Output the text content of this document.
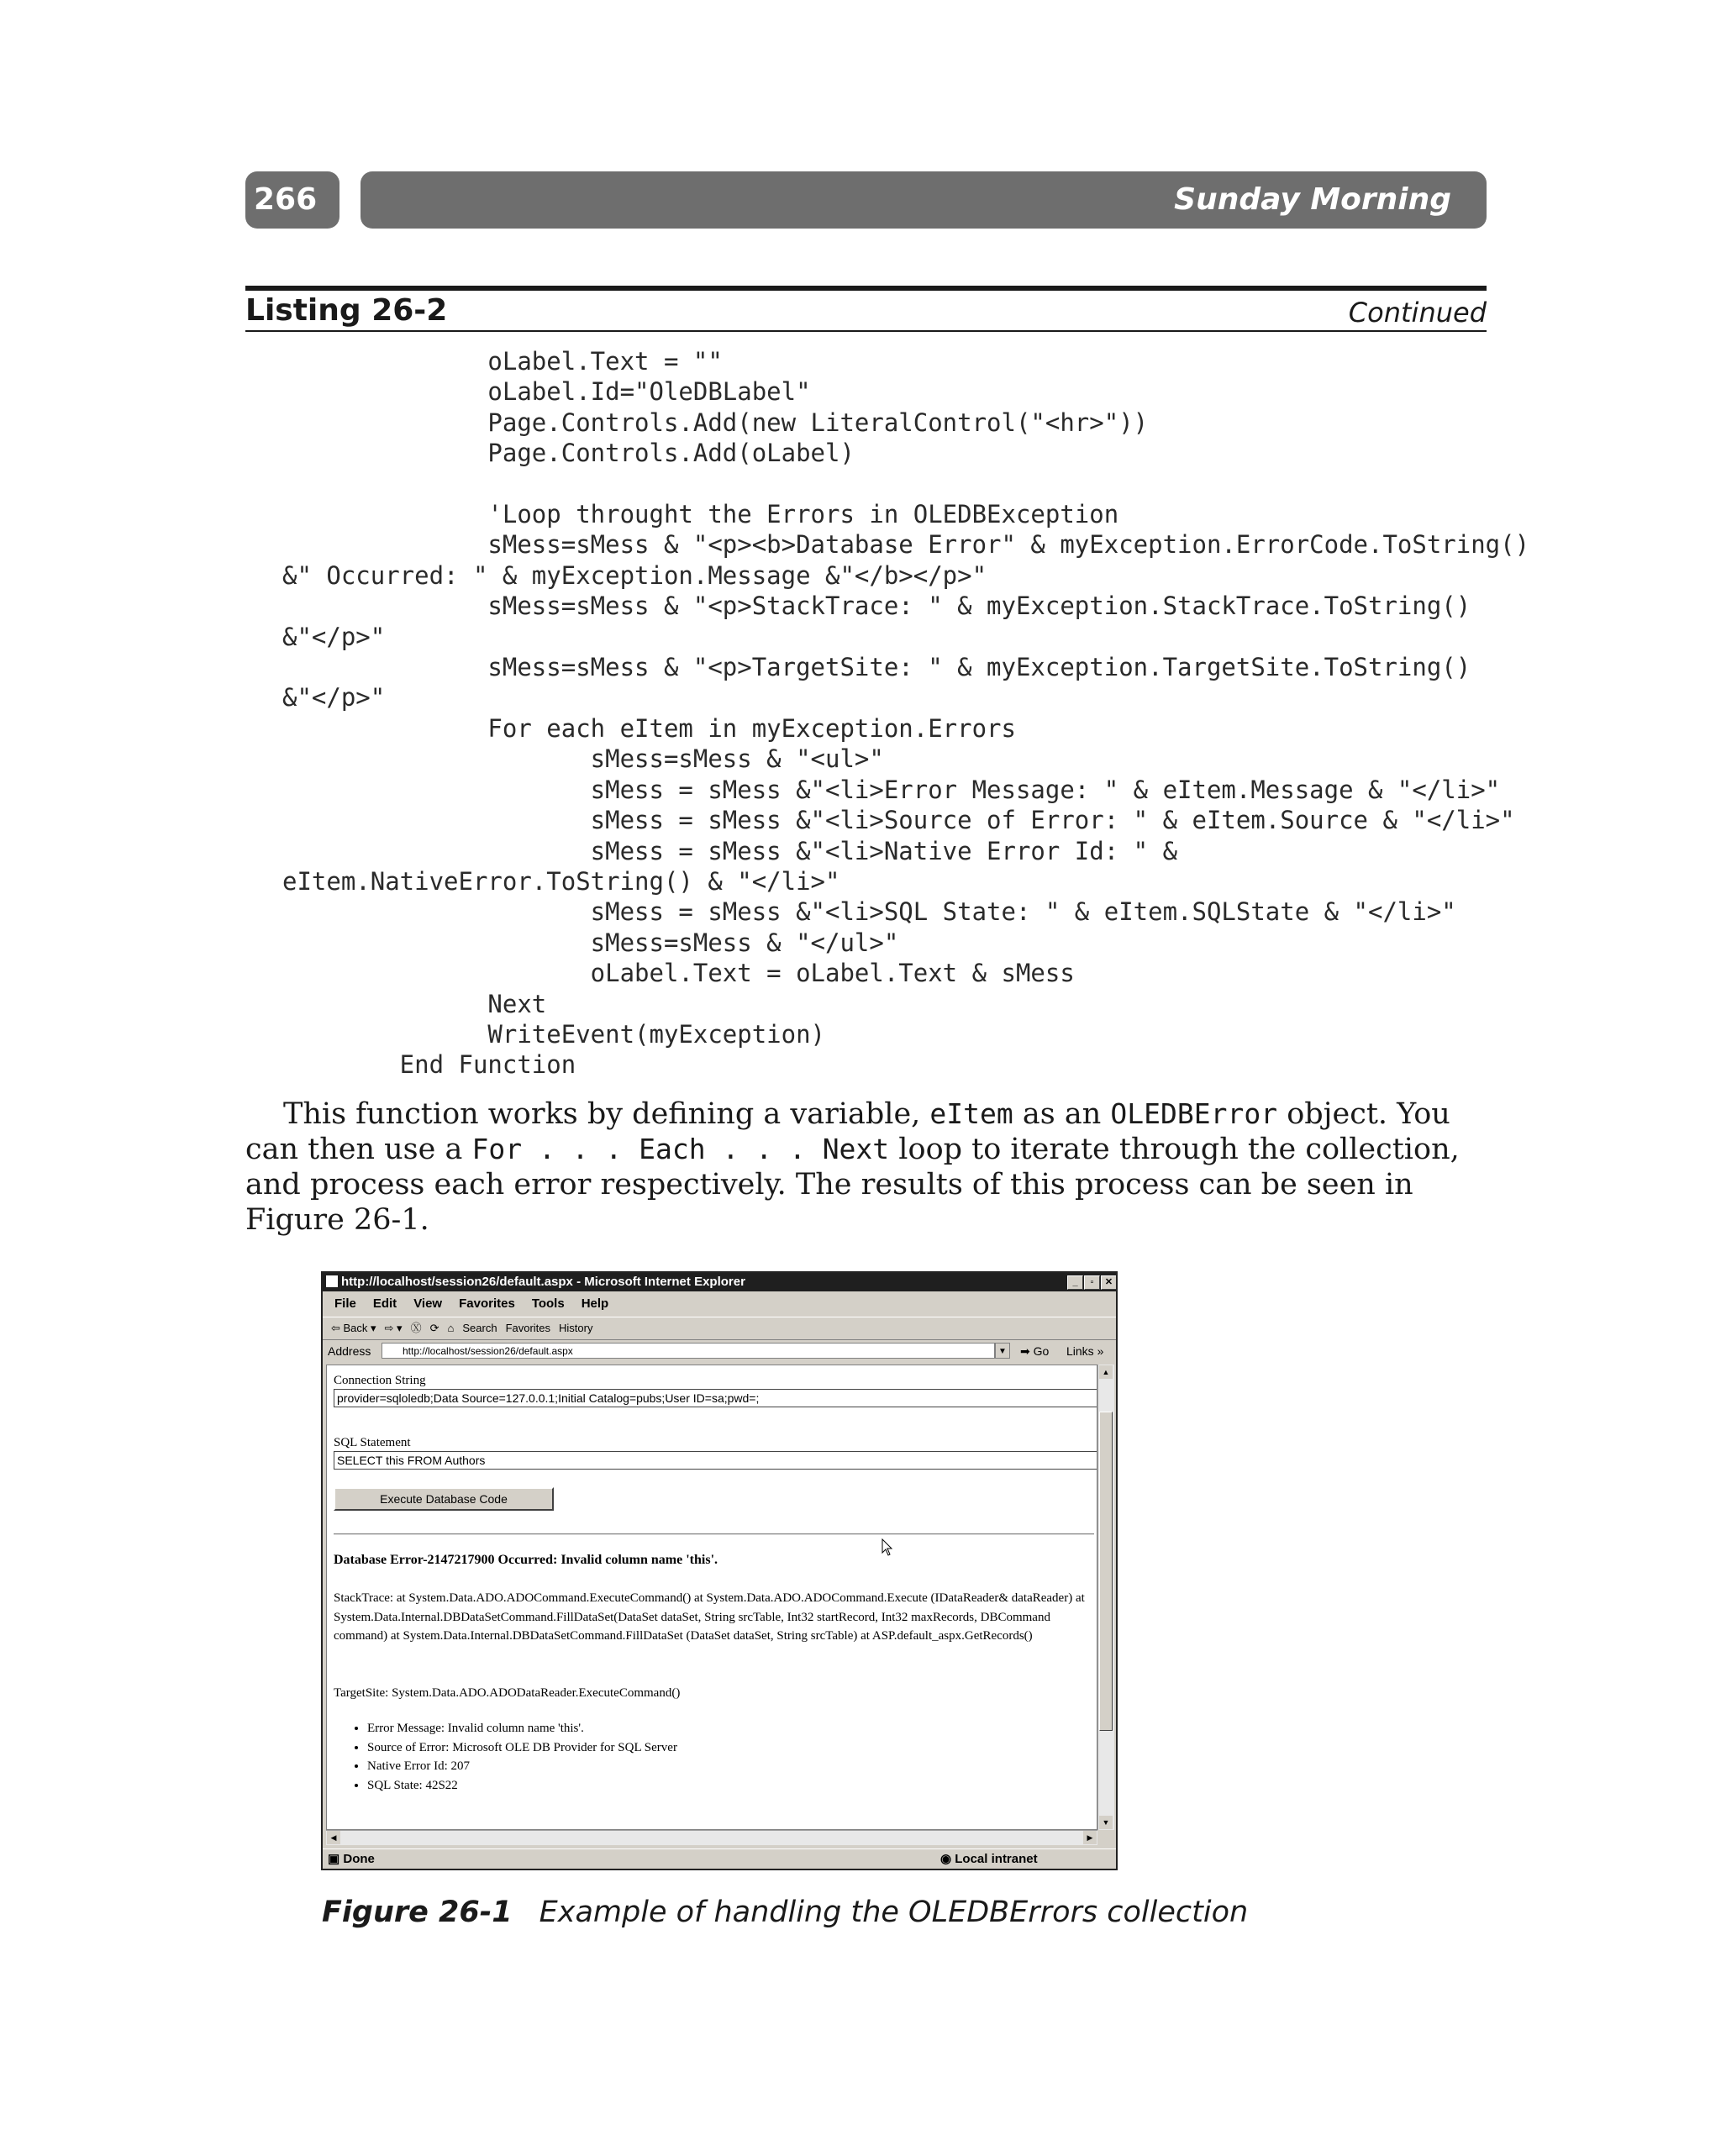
266	Sunday Morning
Listing 26-2	Continued
oLabel.Text = ""
oLabel.Id="OleDBLabel"
Page.Controls.Add(new LiteralControl("<hr>"))
Page.Controls.Add(oLabel)

'Loop throught the Errors in OLEDBException
sMess=sMess & "<p><b>Database Error" & myException.ErrorCode.ToString()
&" Occurred: " & myException.Message &"</b></p>"
sMess=sMess & "<p>StackTrace: " & myException.StackTrace.ToString()
&"</p>"
sMess=sMess & "<p>TargetSite: " & myException.TargetSite.ToString()
&"</p>"
For each eItem in myException.Errors
sMess=sMess & "<ul>"
sMess = sMess &"<li>Error Message: " & eItem.Message & "</li>"
sMess = sMess &"<li>Source of Error: " & eItem.Source & "</li>"
sMess = sMess &"<li>Native Error Id: " &
eItem.NativeError.ToString() & "</li>"
sMess = sMess &"<li>SQL State: " & eItem.SQLState & "</li>"
sMess=sMess & "</ul>"
oLabel.Text = oLabel.Text & sMess
Next
WriteEvent(myException)
End Function
This function works by defining a variable, eItem as an OLEDBError object. You can then use a For . . . Each . . . Next loop to iterate through the collection, and process each error respectively. The results of this process can be seen in Figure 26-1.
http://localhost/session26/default.aspx - Microsoft Internet Explorer	_	▫	✕
File Edit View Favorites Tools Help
⇦ Back ▾ ⇨ ▾ Ⓧ ⟳ ⌂ Search Favorites History
Address	http://localhost/session26/default.aspx	▼ ➡ Go Links »
Connection String
provider=sqloledb;Data Source=127.0.0.1;Initial Catalog=pubs;User ID=sa;pwd=;
SQL Statement
SELECT this FROM Authors
Execute Database Code
Database Error-2147217900 Occurred: Invalid column name 'this'.
StackTrace: at System.Data.ADO.ADOCommand.ExecuteCommand() at System.Data.ADO.ADOCommand.Execute (IDataReader& dataReader) at System.Data.Internal.DBDataSetCommand.FillDataSet(DataSet dataSet, String srcTable, Int32 startRecord, Int32 maxRecords, DBCommand command) at System.Data.Internal.DBDataSetCommand.FillDataSet (DataSet dataSet, String srcTable) at ASP.default_aspx.GetRecords()
TargetSite: System.Data.ADO.ADODataReader.ExecuteCommand()
• Error Message: Invalid column name 'this'.
• Source of Error: Microsoft OLE DB Provider for SQL Server
• Native Error Id: 207
• SQL State: 42S22
▲
▼
◀	▶
▣ Done	◉ Local intranet
Figure 26-1 Example of handling the OLEDBErrors collection
